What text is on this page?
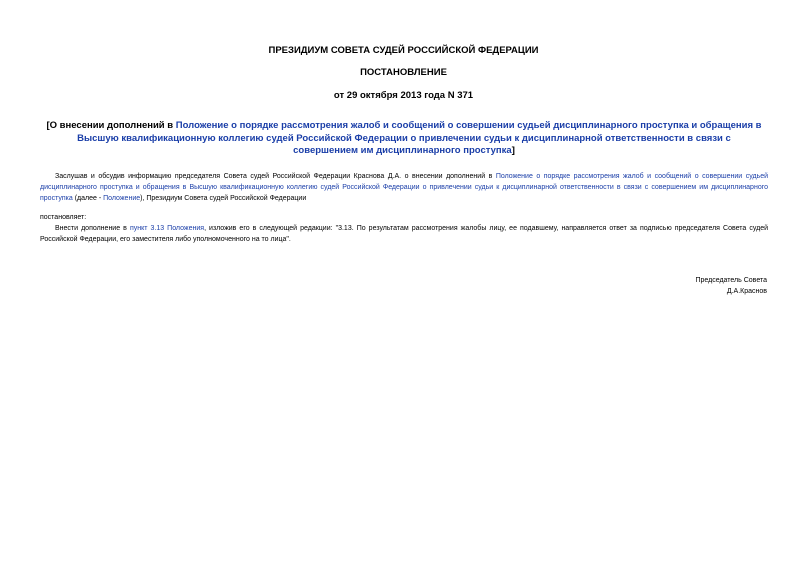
ПРЕЗИДИУМ СОВЕТА СУДЕЙ РОССИЙСКОЙ ФЕДЕРАЦИИ
ПОСТАНОВЛЕНИЕ
от 29 октября 2013 года N 371
[О внесении дополнений в Положение о порядке рассмотрения жалоб и сообщений о совершении судьей дисциплинарного проступка и обращения в Высшую квалификационную коллегию судей Российской Федерации о привлечении судьи к дисциплинарной ответственности в связи с совершением им дисциплинарного проступка]
Заслушав и обсудив информацию председателя Совета судей Российской Федерации Краснова Д.А. о внесении дополнений в Положение о порядке рассмотрения жалоб и сообщений о совершении судьей дисциплинарного проступка и обращения в Высшую квалификационную коллегию судей Российской Федерации о привлечении судьи к дисциплинарной ответственности в связи с совершением им дисциплинарного проступка (далее - Положение), Президиум Совета судей Российской Федерации
постановляет:
Внести дополнение в пункт 3.13 Положения, изложив его в следующей редакции: "3.13. По результатам рассмотрения жалобы лицу, ее подавшему, направляется ответ за подписью председателя Совета судей Российской Федерации, его заместителя либо уполномоченного на то лица".
Председатель Совета
Д.А.Краснов
